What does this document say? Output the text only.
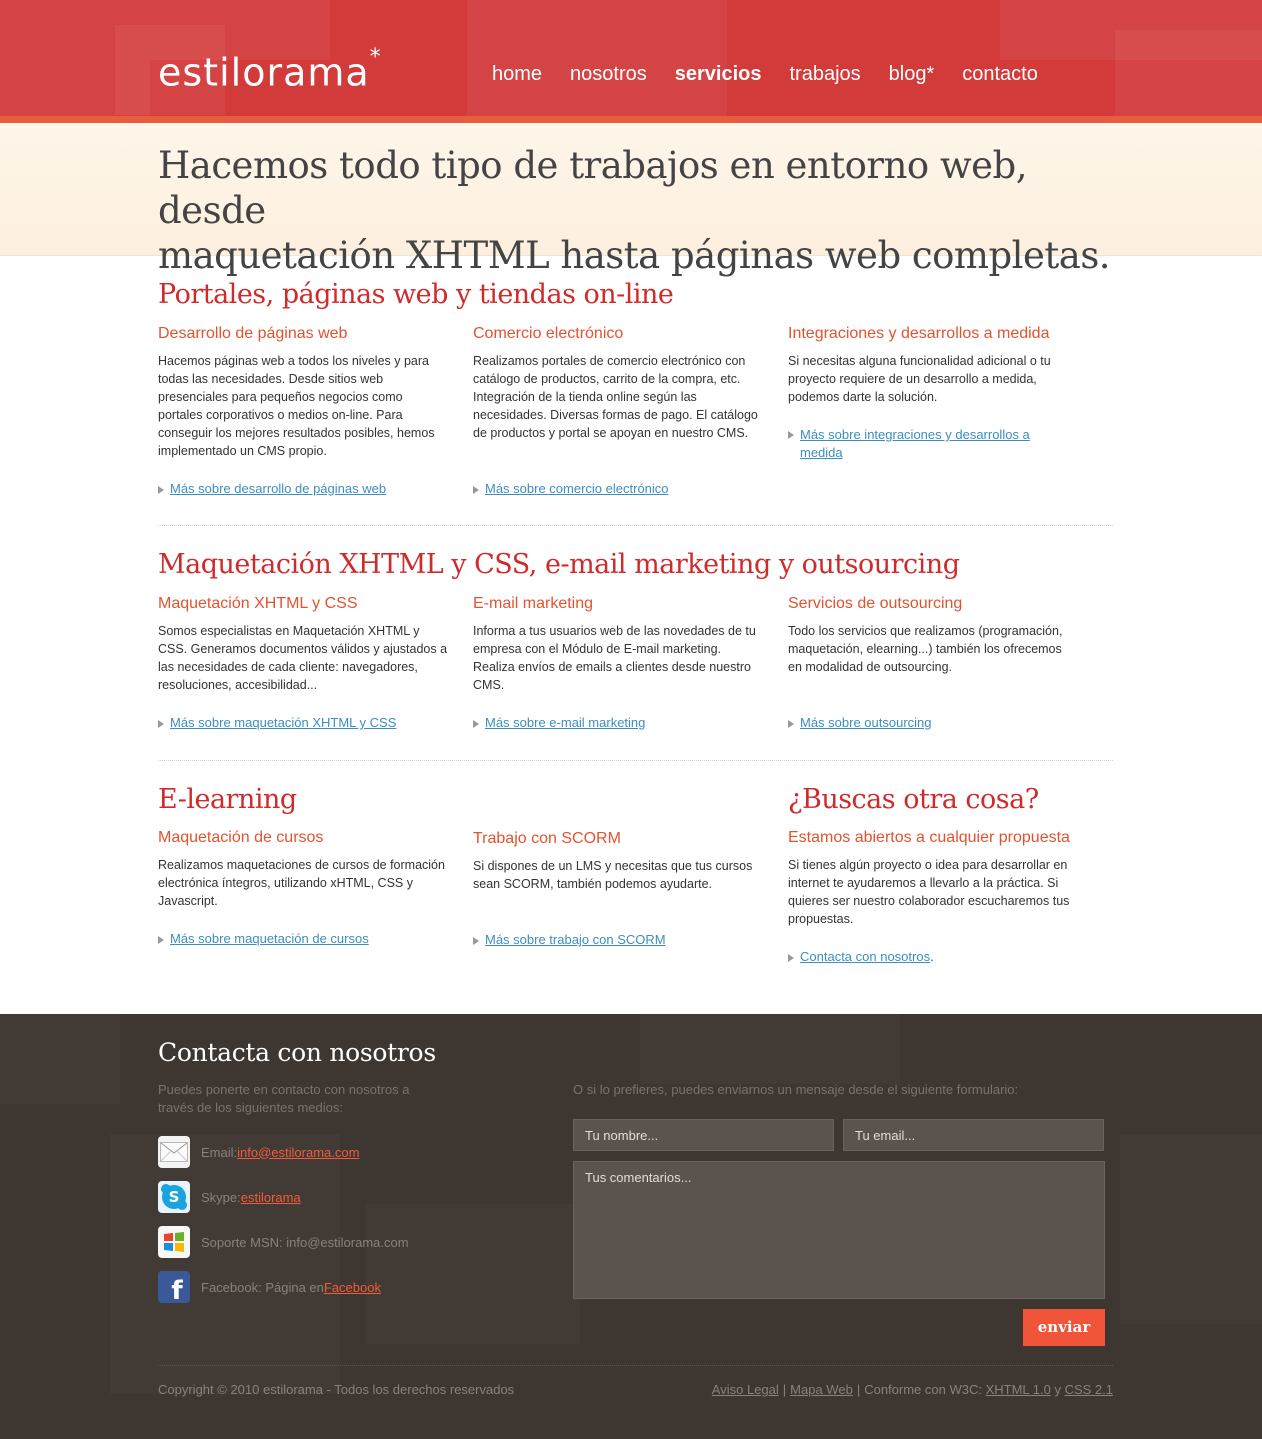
estilorama*
home nosotros servicios trabajos blog* contacto
Hacemos todo tipo de trabajos en entorno web, desde
maquetación XHTML hasta páginas web completas.
Portales, páginas web y tiendas on-line
Desarrollo de páginas web

Hacemos páginas web a todos los niveles y para todas las necesidades. Desde sitios web presenciales para pequeños negocios como portales corporativos o medios on-line. Para conseguir los mejores resultados posibles, hemos implementado un CMS propio.

Más sobre desarrollo de páginas web
Comercio electrónico

Realizamos portales de comercio electrónico con catálogo de productos, carrito de la compra, etc. Integración de la tienda online según las necesidades. Diversas formas de pago. El catálogo de productos y portal se apoyan en nuestro CMS.

Más sobre comercio electrónico
Integraciones y desarrollos a medida

Si necesitas alguna funcionalidad adicional o tu proyecto requiere de un desarrollo a medida, podemos darte la solución.

Más sobre integraciones y desarrollos a medida
Maquetación XHTML y CSS, e-mail marketing y outsourcing
Maquetación XHTML y CSS

Somos especialistas en Maquetación XHTML y CSS. Generamos documentos válidos y ajustados a las necesidades de cada cliente: navegadores, resoluciones, accesibilidad...

Más sobre maquetación XHTML y CSS
E-mail marketing

Informa a tus usuarios web de las novedades de tu empresa con el Módulo de E-mail marketing. Realiza envíos de emails a clientes desde nuestro CMS.

Más sobre e-mail marketing
Servicios de outsourcing

Todo los servicios que realizamos (programación, maquetación, elearning...) también los ofrecemos en modalidad de outsourcing.

Más sobre outsourcing
E-learning	¿Buscas otra cosa?
Maquetación de cursos

Realizamos maquetaciones de cursos de formación electrónica íntegros, utilizando xHTML, CSS y Javascript.

Más sobre maquetación de cursos
Trabajo con SCORM

Si dispones de un LMS y necesitas que tus cursos sean SCORM, también podemos ayudarte.

Más sobre trabajo con SCORM
Estamos abiertos a cualquier propuesta

Si tienes algún proyecto o idea para desarrollar en internet te ayudaremos a llevarlo a la práctica. Si quieres ser nuestro colaborador escucharemos tus propuestas.

Contacta con nosotros.
Contacta con nosotros
Puedes ponerte en contacto con nosotros a través de los siguientes medios:
O si lo prefieres, puedes enviarnos un mensaje desde el siguiente formulario:
Email: info@estilorama.com
S Skype: estilorama
Soporte MSN: info@estilorama.com
f Facebook: Página en Facebook
Tu nombre...	Tu email...
Tus comentarios...
enviar
Copyright © 2010 estilorama - Todos los derechos reservados	Aviso Legal | Mapa Web | Conforme con W3C: XHTML 1.0 y CSS 2.1
